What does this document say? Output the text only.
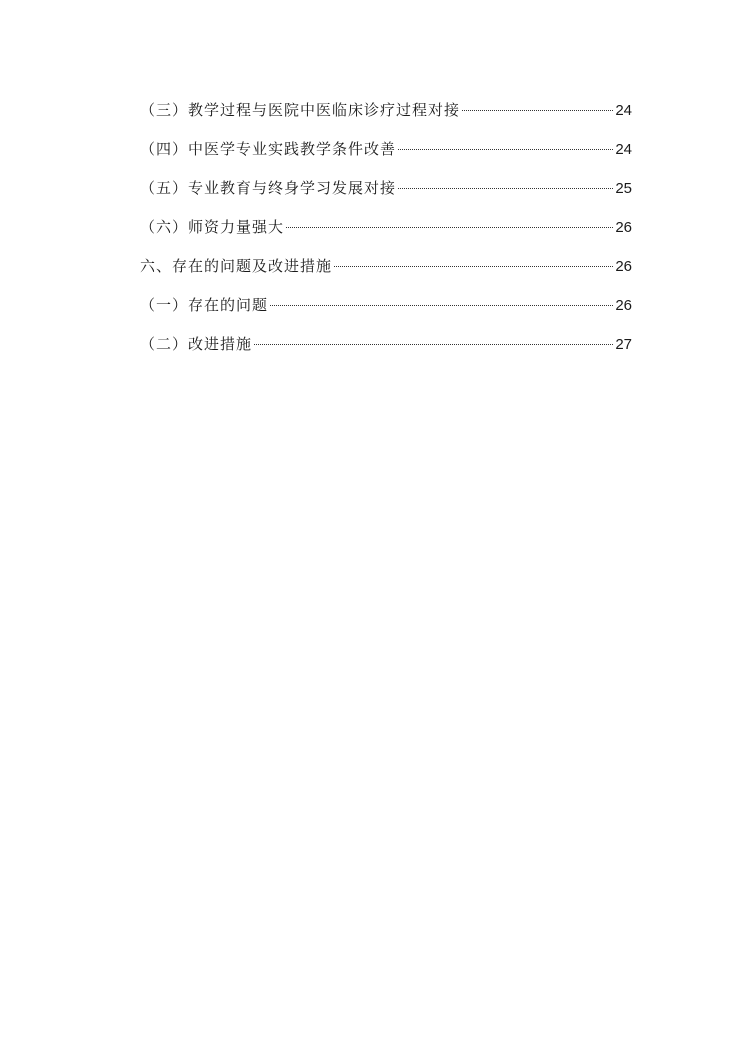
（三）教学过程与医院中医临床诊疗过程对接	24
（四）中医学专业实践教学条件改善	24
（五）专业教育与终身学习发展对接	25
（六）师资力量强大	26
六、存在的问题及改进措施	26
（一）存在的问题	26
（二）改进措施	27
